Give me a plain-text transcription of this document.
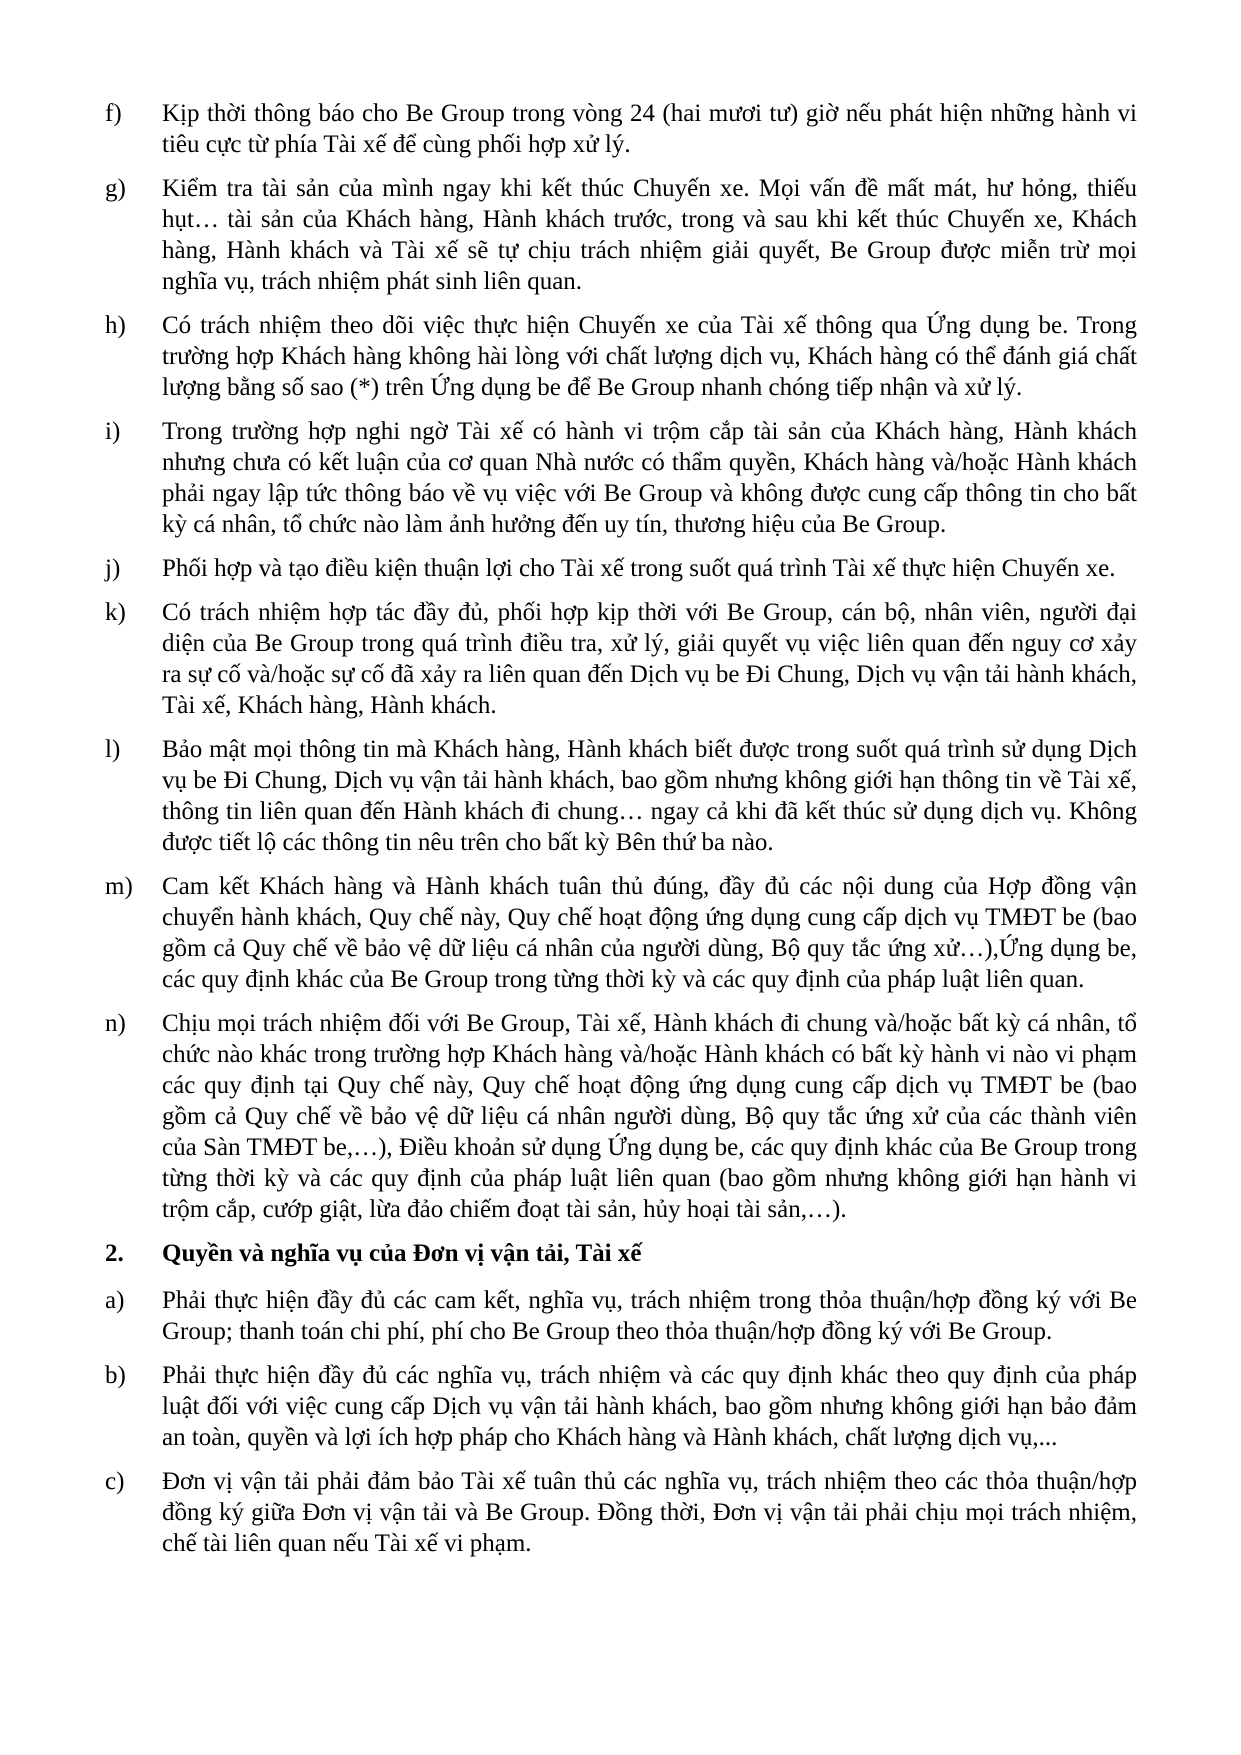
f)	Kịp thời thông báo cho Be Group trong vòng 24 (hai mươi tư) giờ nếu phát hiện những hành vi tiêu cực từ phía Tài xế để cùng phối hợp xử lý.
g)	Kiểm tra tài sản của mình ngay khi kết thúc Chuyến xe. Mọi vấn đề mất mát, hư hỏng, thiếu hụt… tài sản của Khách hàng, Hành khách trước, trong và sau khi kết thúc Chuyến xe, Khách hàng, Hành khách và Tài xế sẽ tự chịu trách nhiệm giải quyết, Be Group được miễn trừ mọi nghĩa vụ, trách nhiệm phát sinh liên quan.
h)	Có trách nhiệm theo dõi việc thực hiện Chuyến xe của Tài xế thông qua Ứng dụng be. Trong trường hợp Khách hàng không hài lòng với chất lượng dịch vụ, Khách hàng có thể đánh giá chất lượng bằng số sao (*) trên Ứng dụng be để Be Group nhanh chóng tiếp nhận và xử lý.
i)	Trong trường hợp nghi ngờ Tài xế có hành vi trộm cắp tài sản của Khách hàng, Hành khách nhưng chưa có kết luận của cơ quan Nhà nước có thẩm quyền, Khách hàng và/hoặc Hành khách phải ngay lập tức thông báo về vụ việc với Be Group và không được cung cấp thông tin cho bất kỳ cá nhân, tổ chức nào làm ảnh hưởng đến uy tín, thương hiệu của Be Group.
j)	Phối hợp và tạo điều kiện thuận lợi cho Tài xế trong suốt quá trình Tài xế thực hiện Chuyến xe.
k)	Có trách nhiệm hợp tác đầy đủ, phối hợp kịp thời với Be Group, cán bộ, nhân viên, người đại diện của Be Group trong quá trình điều tra, xử lý, giải quyết vụ việc liên quan đến nguy cơ xảy ra sự cố và/hoặc sự cố đã xảy ra liên quan đến Dịch vụ be Đi Chung, Dịch vụ vận tải hành khách, Tài xế, Khách hàng, Hành khách.
l)	Bảo mật mọi thông tin mà Khách hàng, Hành khách biết được trong suốt quá trình sử dụng Dịch vụ be Đi Chung, Dịch vụ vận tải hành khách, bao gồm nhưng không giới hạn thông tin về Tài xế, thông tin liên quan đến Hành khách đi chung… ngay cả khi đã kết thúc sử dụng dịch vụ. Không được tiết lộ các thông tin nêu trên cho bất kỳ Bên thứ ba nào.
m)	Cam kết Khách hàng và Hành khách tuân thủ đúng, đầy đủ các nội dung của Hợp đồng vận chuyển hành khách, Quy chế này, Quy chế hoạt động ứng dụng cung cấp dịch vụ TMĐT be (bao gồm cả Quy chế về bảo vệ dữ liệu cá nhân của người dùng, Bộ quy tắc ứng xử…),Ứng dụng be, các quy định khác của Be Group trong từng thời kỳ và các quy định của pháp luật liên quan.
n)	Chịu mọi trách nhiệm đối với Be Group, Tài xế, Hành khách đi chung và/hoặc bất kỳ cá nhân, tổ chức nào khác trong trường hợp Khách hàng và/hoặc Hành khách có bất kỳ hành vi nào vi phạm các quy định tại Quy chế này, Quy chế hoạt động ứng dụng cung cấp dịch vụ TMĐT be (bao gồm cả Quy chế về bảo vệ dữ liệu cá nhân người dùng, Bộ quy tắc ứng xử của các thành viên của Sàn TMĐT be,…), Điều khoản sử dụng Ứng dụng be, các quy định khác của Be Group trong từng thời kỳ và các quy định của pháp luật liên quan (bao gồm nhưng không giới hạn hành vi trộm cắp, cướp giật, lừa đảo chiếm đoạt tài sản, hủy hoại tài sản,…).
2.	Quyền và nghĩa vụ của Đơn vị vận tải, Tài xế
a)	Phải thực hiện đầy đủ các cam kết, nghĩa vụ, trách nhiệm trong thỏa thuận/hợp đồng ký với Be Group; thanh toán chi phí, phí cho Be Group theo thỏa thuận/hợp đồng ký với Be Group.
b)	Phải thực hiện đầy đủ các nghĩa vụ, trách nhiệm và các quy định khác theo quy định của pháp luật đối với việc cung cấp Dịch vụ vận tải hành khách, bao gồm nhưng không giới hạn bảo đảm an toàn, quyền và lợi ích hợp pháp cho Khách hàng và Hành khách, chất lượng dịch vụ,...
c)	Đơn vị vận tải phải đảm bảo Tài xế tuân thủ các nghĩa vụ, trách nhiệm theo các thỏa thuận/hợp đồng ký giữa Đơn vị vận tải và Be Group. Đồng thời, Đơn vị vận tải phải chịu mọi trách nhiệm, chế tài liên quan nếu Tài xế vi phạm.
